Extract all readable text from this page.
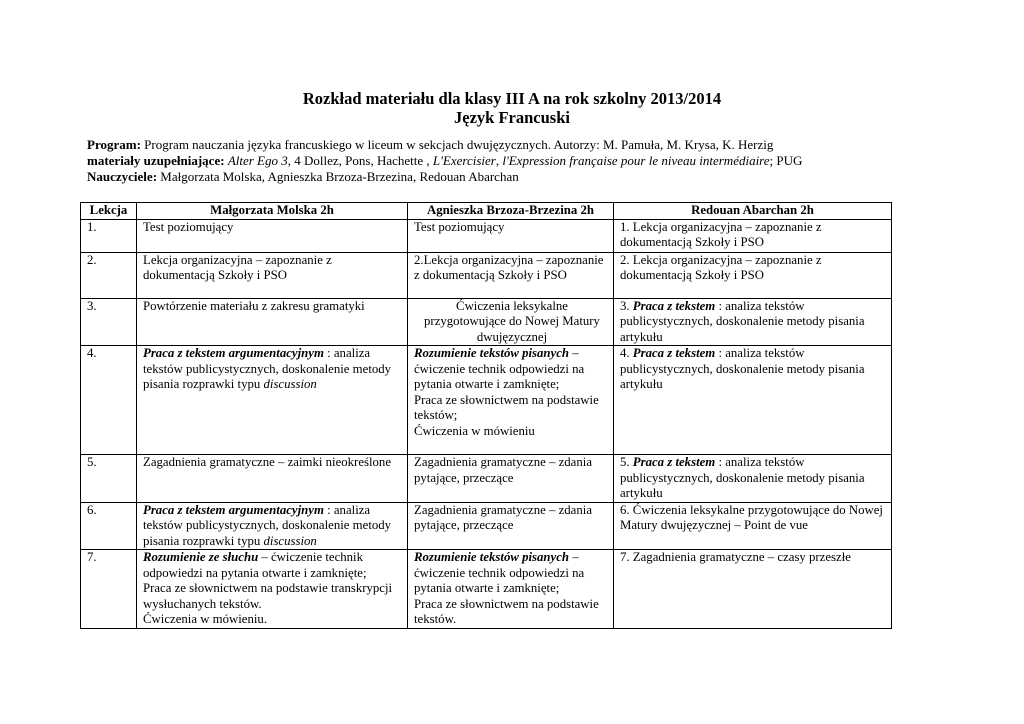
Rozkład materiału dla klasy III A na rok szkolny 2013/2014
Język Francuski
Program: Program nauczania języka francuskiego w liceum w sekcjach dwujęzycznych. Autorzy: M. Pamuła, M. Krysa, K. Herzig
materiały uzupełniające: Alter Ego 3, 4 Dollez, Pons, Hachette , L'Exercisier, l'Expression française pour le niveau intermédiaire; PUG
Nauczyciele: Małgorzata Molska, Agnieszka Brzoza-Brzezina, Redouan Abarchan
Lekcja	Małgorzata Molska 2h	Agnieszka Brzoza-Brzezina 2h	Redouan Abarchan 2h
1.	Test poziomujący	Test poziomujący	1. Lekcja organizacyjna – zapoznanie z dokumentacją Szkoły i PSO
2.	Lekcja organizacyjna – zapoznanie z dokumentacją Szkoły i PSO	2.Lekcja organizacyjna – zapoznanie z dokumentacją Szkoły i PSO	2. Lekcja organizacyjna – zapoznanie z dokumentacją Szkoły i PSO
3.	Powtórzenie materiału z zakresu gramatyki	Ćwiczenia leksykalne przygotowujące do Nowej Matury dwujęzycznej	3. Praca z tekstem : analiza tekstów publicystycznych, doskonalenie metody pisania artykułu
4.	Praca z tekstem argumentacyjnym : analiza tekstów publicystycznych, doskonalenie metody pisania rozprawki typu discussion	Rozumienie tekstów pisanych – ćwiczenie technik odpowiedzi na pytania otwarte i zamknięte;
Praca ze słownictwem na podstawie tekstów;
Ćwiczenia w mówieniu	4. Praca z tekstem : analiza tekstów publicystycznych, doskonalenie metody pisania artykułu
5.	Zagadnienia gramatyczne – zaimki nieokreślone	Zagadnienia gramatyczne – zdania pytające, przeczące	5. Praca z tekstem : analiza tekstów publicystycznych, doskonalenie metody pisania artykułu
6.	Praca z tekstem argumentacyjnym : analiza tekstów publicystycznych, doskonalenie metody pisania rozprawki typu discussion	Zagadnienia gramatyczne – zdania pytające, przeczące	6. Ćwiczenia leksykalne przygotowujące do Nowej Matury dwujęzycznej – Point de vue
7.	Rozumienie ze słuchu – ćwiczenie technik odpowiedzi na pytania otwarte i zamknięte;
Praca ze słownictwem na podstawie transkrypcji wysłuchanych tekstów.
Ćwiczenia w mówieniu.	Rozumienie tekstów pisanych – ćwiczenie technik odpowiedzi na pytania otwarte i zamknięte;
Praca ze słownictwem na podstawie tekstów.	7. Zagadnienia gramatyczne – czasy przeszłe
